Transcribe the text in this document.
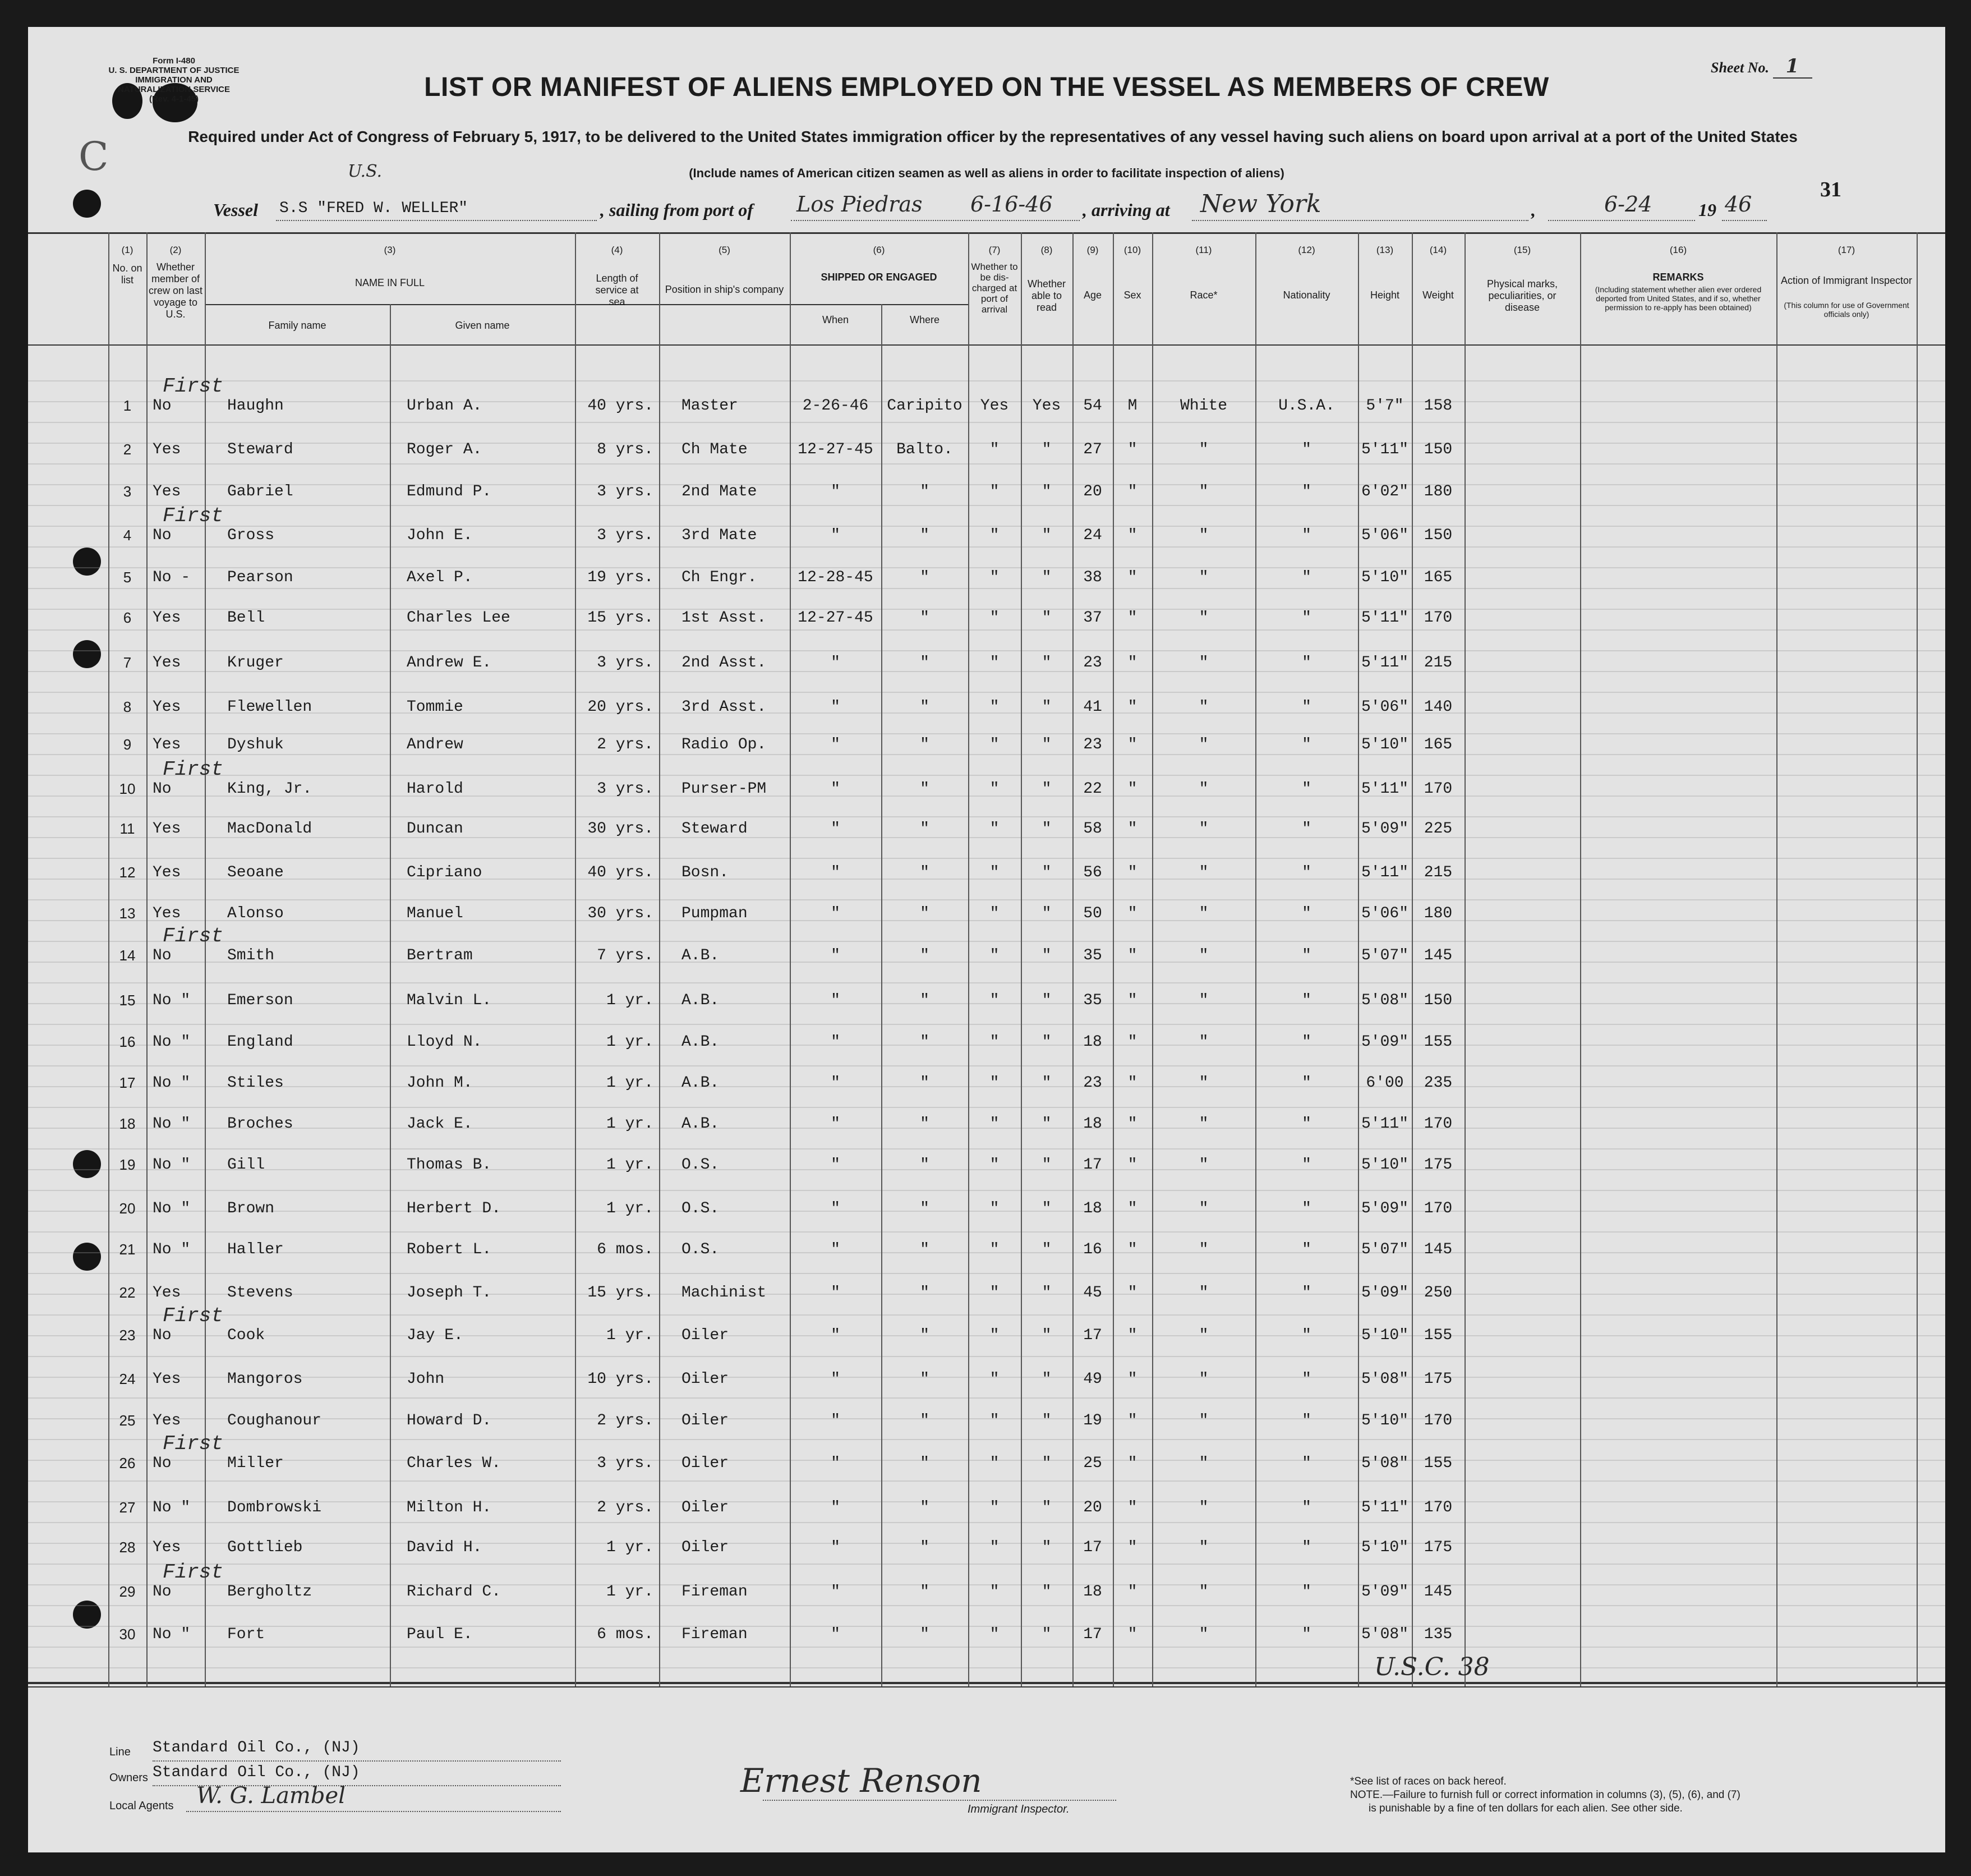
Form I-480
U. S. DEPARTMENT OF JUSTICE
IMMIGRATION AND NATURALIZATION SERVICE
(Rev. 4-1-45)
Sheet No. 1
LIST OR MANIFEST OF ALIENS EMPLOYED ON THE VESSEL AS MEMBERS OF CREW
Required under Act of Congress of February 5, 1917, to be delivered to the United States immigration officer by the representatives of any vessel having such aliens on board upon arrival at a port of the United States
(Include names of American citizen seamen as well as aliens in order to facilitate inspection of aliens)
31
C	U.S.
Vessel S.S "FRED W. WELLER"	, sailing from port of Los Piedras 6-16-46 , arriving at New York	,	6-24	19 46
(1)
No. on list
(2)
Whether member of crew on last voyage to U.S.
(3)
NAME IN FULL
Family name	Given name
(4)
Length of service at sea
(5)
Position in ship's company
(6)
SHIPPED OR ENGAGED
When	Where
(7)
Whether to be dis-charged at port of arrival
(8)
Whether able to read
(9)
Age
(10)
Sex
(11)
Race*
(12)
Nationality
(13)
Height
(14)
Weight
(15)
Physical marks, peculiarities, or disease
(16)
REMARKS
(Including statement whether alien ever ordered deported from United States, and if so, whether permission to re-apply has been obtained)
(17)
Action of Immigrant Inspector
(This column for use of Government officials only)
1	No	Haughn	Urban A.	40 yrs. Master	2-26-46	Caripito	Yes	Yes	54	M	White	U.S.A.	5'7"	158
First
2	Yes	Steward	Roger A.	8 yrs. Ch Mate	12-27-45	Balto.	"	"	27	"	"	"	5'11" 150
3	Yes	Gabriel	Edmund P.	3 yrs. 2nd Mate	"	"	"	"	20	"	"	"	6'02" 180
4	No	Gross	John E.	3 yrs. 3rd Mate	"	"	"	"	24	"	"	"	5'06" 150
First
5	No -	Pearson	Axel P.	19 yrs. Ch Engr.	12-28-45	"	"	"	38	"	"	"	5'10" 165
6	Yes	Bell	Charles Lee	15 yrs. 1st Asst.	12-27-45	"	"	"	37	"	"	"	5'11" 170
7	Yes	Kruger	Andrew E.	3 yrs. 2nd Asst.	"	"	"	"	23	"	"	"	5'11" 215
8	Yes	Flewellen	Tommie	20 yrs. 3rd Asst.	"	"	"	"	41	"	"	"	5'06" 140
9	Yes	Dyshuk	Andrew	2 yrs. Radio Op.	"	"	"	"	23	"	"	"	5'10" 165
10	No	King, Jr.	Harold	3 yrs. Purser-PM	"	"	"	"	22	"	"	"	5'11" 170
First
11	Yes	MacDonald	Duncan	30 yrs. Steward	"	"	"	"	58	"	"	"	5'09" 225
12	Yes	Seoane	Cipriano	40 yrs. Bosn.	"	"	"	"	56	"	"	"	5'11" 215
13	Yes	Alonso	Manuel	30 yrs. Pumpman	"	"	"	"	50	"	"	"	5'06" 180
14	No	Smith	Bertram	7 yrs. A.B.	"	"	"	"	35	"	"	"	5'07" 145
First
15	No "	Emerson	Malvin L.	1 yr. A.B.	"	"	"	"	35	"	"	"	5'08" 150
16	No "	England	Lloyd N.	1 yr. A.B.	"	"	"	"	18	"	"	"	5'09" 155
17	No "	Stiles	John M.	1 yr. A.B.	"	"	"	"	23	"	"	"	6'00	235
18	No "	Broches	Jack E.	1 yr. A.B.	"	"	"	"	18	"	"	"	5'11" 170
19	No "	Gill	Thomas B.	1 yr. O.S.	"	"	"	"	17	"	"	"	5'10" 175
20	No "	Brown	Herbert D.	1 yr. O.S.	"	"	"	"	18	"	"	"	5'09" 170
21	No "	Haller	Robert L.	6 mos. O.S.	"	"	"	"	16	"	"	"	5'07" 145
22	Yes	Stevens	Joseph T.	15 yrs. Machinist	"	"	"	"	45	"	"	"	5'09" 250
23	No	Cook	Jay E.	1 yr. Oiler	"	"	"	"	17	"	"	"	5'10" 155
First
24	Yes	Mangoros	John	10 yrs. Oiler	"	"	"	"	49	"	"	"	5'08" 175
25	Yes	Coughanour	Howard D.	2 yrs. Oiler	"	"	"	"	19	"	"	"	5'10" 170
26	No	Miller	Charles W.	3 yrs. Oiler	"	"	"	"	25	"	"	"	5'08" 155
First
27	No "	Dombrowski	Milton H.	2 yrs. Oiler	"	"	"	"	20	"	"	"	5'11" 170
28	Yes	Gottlieb	David H.	1 yr. Oiler	"	"	"	"	17	"	"	"	5'10" 175
29	No	Bergholtz	Richard C.	1 yr. Fireman	"	"	"	"	18	"	"	"	5'09" 145
First
30	No "	Fort	Paul E.	6 mos. Fireman	"	"	"	"	17	"	"	"	5'08" 135
U.S.C. 38
Line Standard Oil Co., (NJ)
Owners Standard Oil Co., (NJ)
Local Agents W. G. Lambel	Ernest Renson
Immigrant Inspector.
*See list of races on back hereof.
NOTE.—Failure to furnish full or correct information in columns (3), (5), (6), and (7)
is punishable by a fine of ten dollars for each alien. See other side.
